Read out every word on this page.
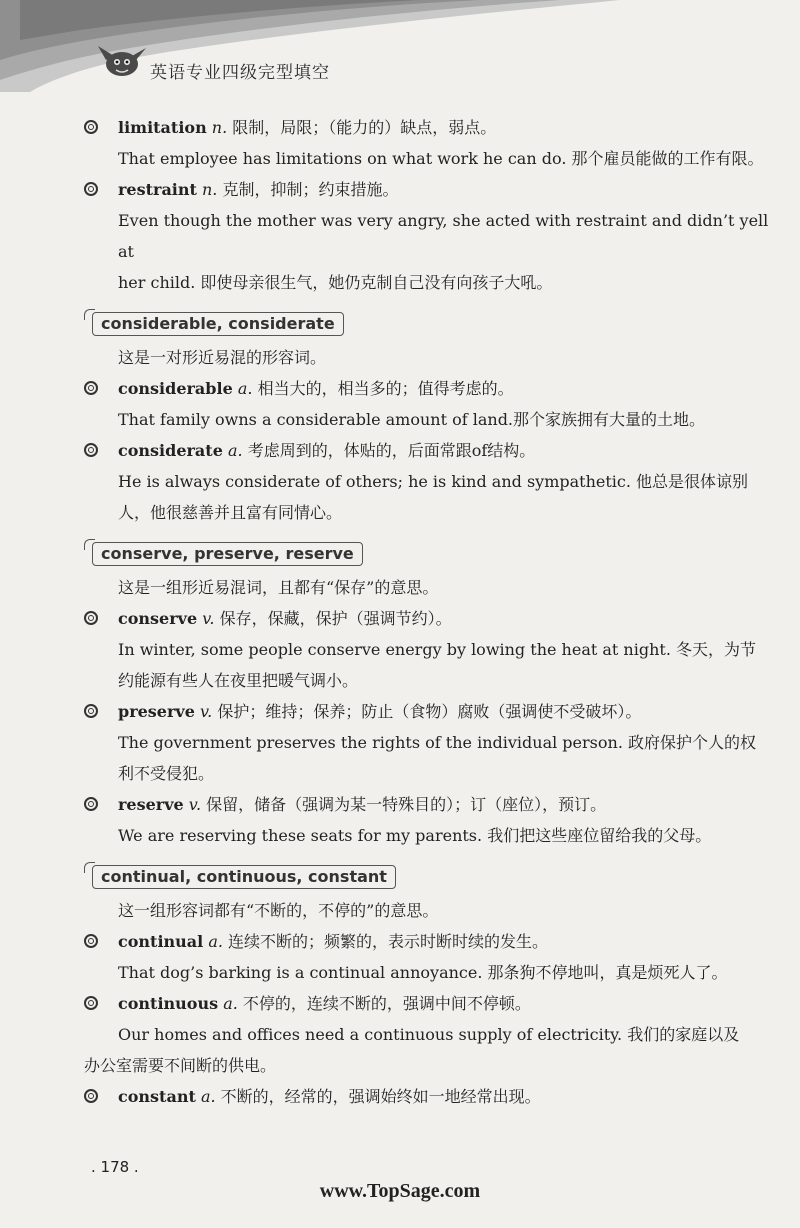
英语专业四级完型填空

limitation n. 限制，局限；（能力的）缺点，弱点。

That employee has limitations on what work he can do. 那个雇员能做的工作有限。

restraint n. 克制，抑制；约束措施。

Even though the mother was very angry, she acted with restraint and didn’t yell at

her child. 即使母亲很生气，她仍克制自己没有向孩子大吼。

considerable, considerate

这是一对形近易混的形容词。

considerable a. 相当大的，相当多的；值得考虑的。

That family owns a considerable amount of land.那个家族拥有大量的土地。

considerate a. 考虑周到的，体贴的，后面常跟of结构。

He is always considerate of others; he is kind and sympathetic. 他总是很体谅别

人，他很慈善并且富有同情心。

conserve, preserve, reserve

这是一组形近易混词，且都有“保存”的意思。

conserve v. 保存，保藏，保护（强调节约）。

In winter, some people conserve energy by lowing the heat at night. 冬天，为节

约能源有些人在夜里把暖气调小。

preserve v. 保护；维持；保养；防止（食物）腐败（强调使不受破坏）。

The government preserves the rights of the individual person. 政府保护个人的权

利不受侵犯。

reserve v. 保留，储备（强调为某一特殊目的）；订（座位），预订。

We are reserving these seats for my parents. 我们把这些座位留给我的父母。

continual, continuous, constant

这一组形容词都有“不断的，不停的”的意思。

continual a. 连续不断的；频繁的，表示时断时续的发生。

That dog’s barking is a continual annoyance. 那条狗不停地叫，真是烦死人了。

continuous a. 不停的，连续不断的，强调中间不停顿。

Our homes and offices need a continuous supply of electricity. 我们的家庭以及

办公室需要不间断的供电。

constant a. 不断的，经常的，强调始终如一地经常出现。

. 178 .
www.TopSage.com
